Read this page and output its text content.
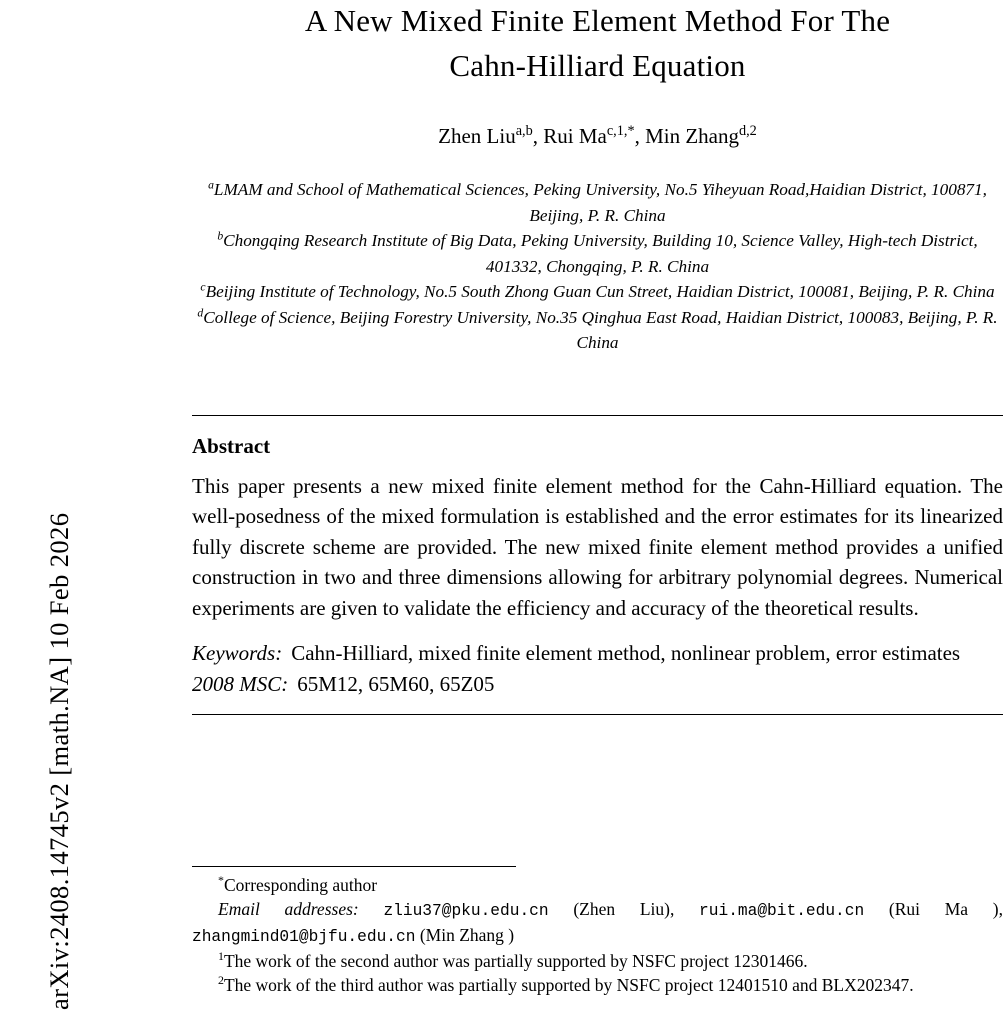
arXiv:2408.14745v2 [math.NA] 10 Feb 2026
A New Mixed Finite Element Method For The
Cahn-Hilliard Equation
Zhen Liu$^{a,b}$, Rui $Ma^{c,1,*}$, Min Zhang$^{d,2}$
$^a$LMAM and School of Mathematical Sciences, Peking University, No.5 Yiheyuan Road,Haidian District, 100871, Beijing, P. R. China
$^b$Chongqing Research Institute of Big Data, Peking University, Building 10, Science Valley, High-tech District, 401332, Chongqing, P. R. China
$^c$Beijing Institute of Technology, No.5 South Zhong Guan Cun Street, Haidian District, 100081, Beijing, P. R. China
$^d$College of Science, Beijing Forestry University, No.35 Qinghua East Road, Haidian District, 100083, Beijing, P. R. China
Abstract
This paper presents a new mixed finite element method for the Cahn-Hilliard equation. The well-posedness of the mixed formulation is established and the error estimates for its linearized fully discrete scheme are provided. The new mixed finite element method provides a unified construction in two and three dimensions allowing for arbitrary polynomial degrees. Numerical experiments are given to validate the efficiency and accuracy of the theoretical results.
Keywords: Cahn-Hilliard, mixed finite element method, nonlinear problem, error estimates
2008 MSC: 65M12, 65M60, 65Z05
*Corresponding author
Email addresses: zliu37@pku.edu.cn (Zhen Liu), rui.ma@bit.edu.cn (Rui Ma ), zhangmind01@bjfu.edu.cn (Min Zhang )
$^1$The work of the second author was partially supported by NSFC project 12301466.
$^2$The work of the third author was partially supported by NSFC project 12401510 and BLX202347.
